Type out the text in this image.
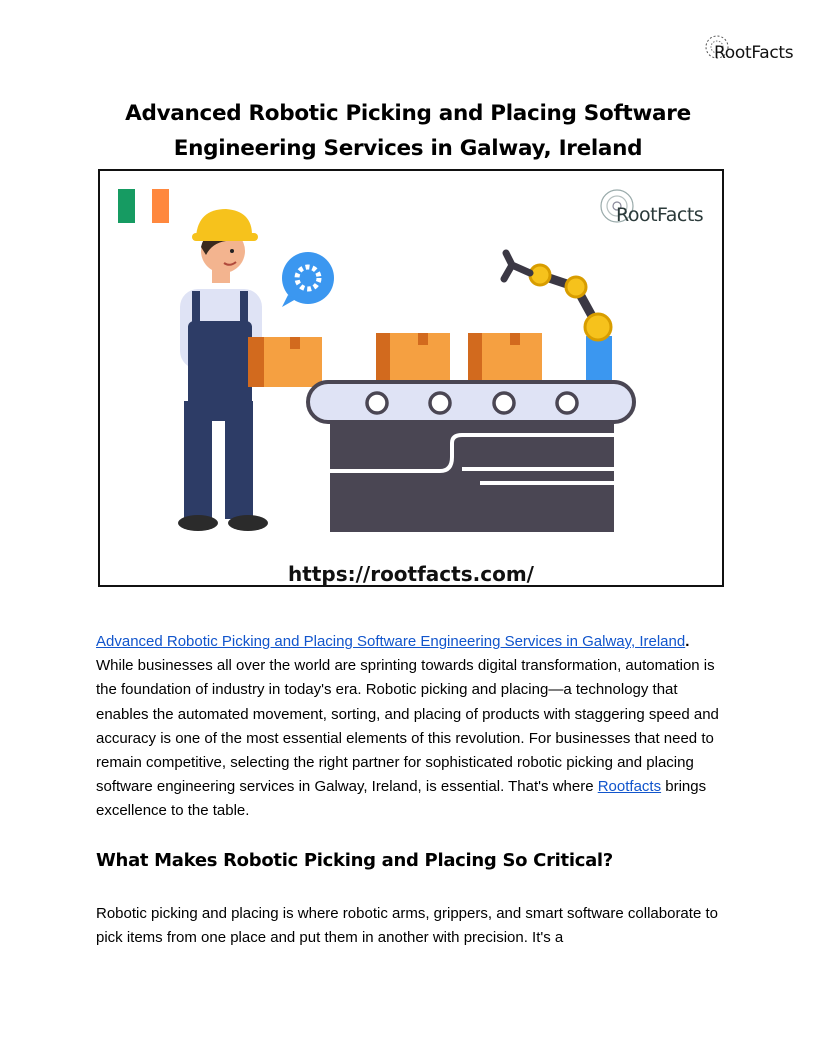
RootFacts
Advanced Robotic Picking and Placing Software
Engineering Services in Galway, Ireland
RootFacts
https://rootfacts.com/

Advanced Robotic Picking and Placing Software Engineering Services in Galway, Ireland. While businesses all over the world are sprinting towards digital transformation, automation is the foundation of industry in today's era. Robotic picking and placing—a technology that enables the automated movement, sorting, and placing of products with staggering speed and accuracy is one of the most essential elements of this revolution. For businesses that need to remain competitive, selecting the right partner for sophisticated robotic picking and placing software engineering services in Galway, Ireland, is essential. That's where Rootfacts brings excellence to the table.

What Makes Robotic Picking and Placing So Critical?

Robotic picking and placing is where robotic arms, grippers, and smart software collaborate to pick items from one place and put them in another with precision. It's a
